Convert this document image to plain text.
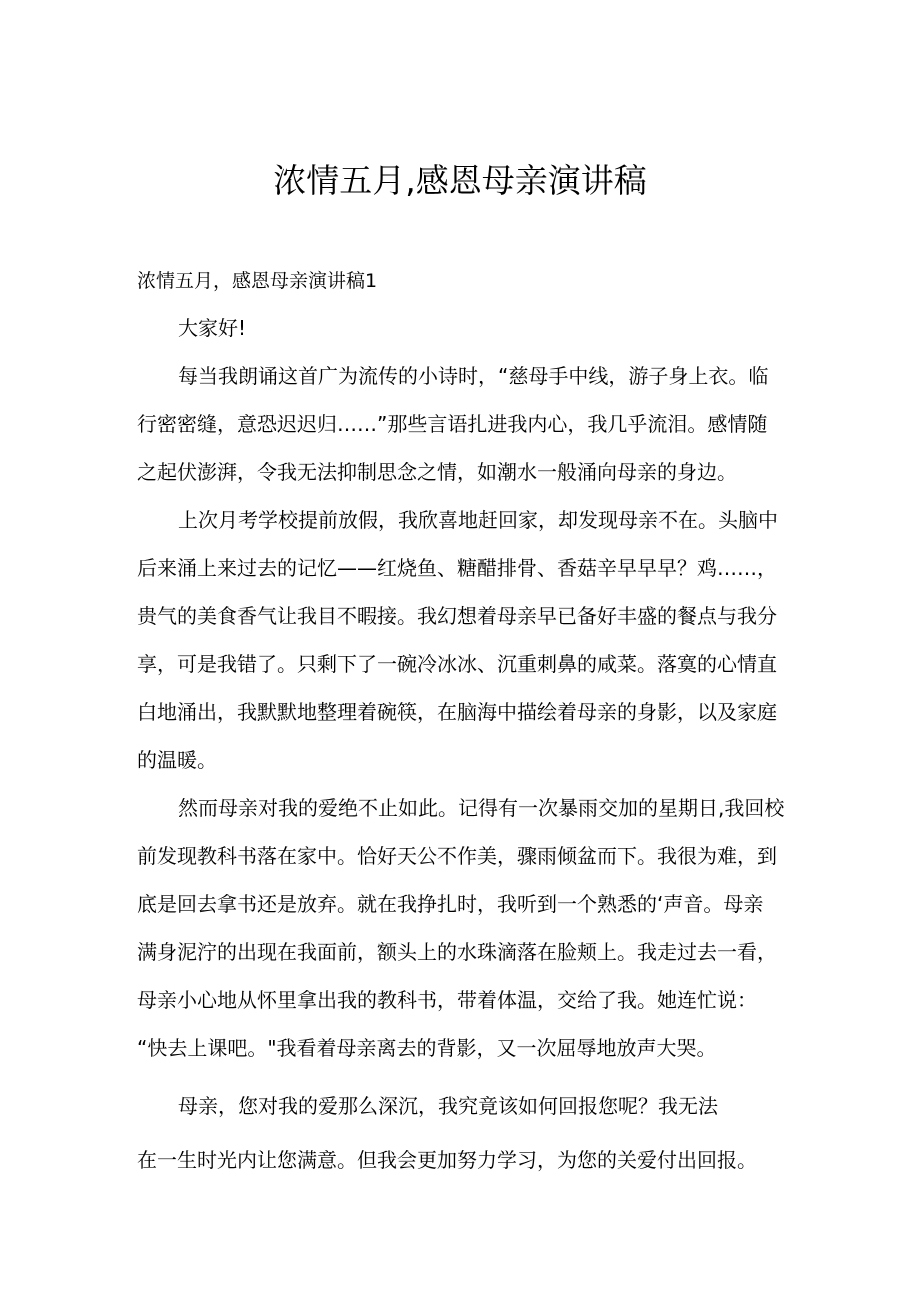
浓情五月,感恩母亲演讲稿

浓情五月，感恩母亲演讲稿1

大家好!

每当我朗诵这首广为流传的小诗时，“慈母手中线，游子身上衣。临

行密密缝，意恐迟迟归……”那些言语扎进我内心，我几乎流泪。感情随

之起伏澎湃，令我无法抑制思念之情，如潮水一般涌向母亲的身边。

上次月考学校提前放假，我欣喜地赶回家，却发现母亲不在。头脑中

后来涌上来过去的记忆——红烧鱼、糖醋排骨、香菇辛早早早？鸡……，

贵气的美食香气让我目不暇接。我幻想着母亲早已备好丰盛的餐点与我分

享，可是我错了。只剩下了一碗冷冰冰、沉重刺鼻的咸菜。落寞的心情直

白地涌出，我默默地整理着碗筷，在脑海中描绘着母亲的身影，以及家庭

的温暖。

然而母亲对我的爱绝不止如此。记得有一次暴雨交加的星期日,我回校

前发现教科书落在家中。恰好天公不作美，骤雨倾盆而下。我很为难，到

底是回去拿书还是放弃。就在我挣扎时，我听到一个熟悉的‘声音。母亲

满身泥泞的出现在我面前，额头上的水珠滴落在脸颊上。我走过去一看，

母亲小心地从怀里拿出我的教科书，带着体温，交给了我。她连忙说：

“快去上课吧。"我看着母亲离去的背影，又一次屈辱地放声大哭。

母亲，您对我的爱那么深沉，我究竟该如何回报您呢？我无法

在一生时光内让您满意。但我会更加努力学习，为您的关爱付出回报。
